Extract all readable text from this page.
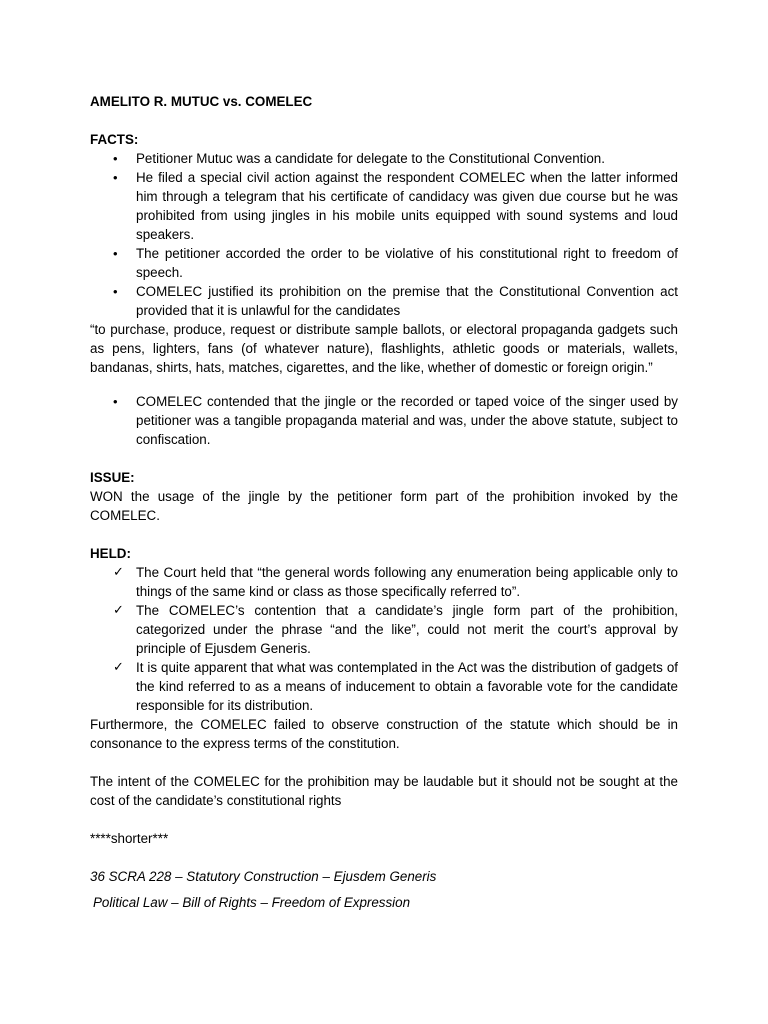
AMELITO R. MUTUC vs. COMELEC

FACTS:

• Petitioner Mutuc was a candidate for delegate to the Constitutional Convention.
• He filed a special civil action against the respondent COMELEC when the latter informed him through a telegram that his certificate of candidacy was given due course but he was prohibited from using jingles in his mobile units equipped with sound systems and loud speakers.
• The petitioner accorded the order to be violative of his constitutional right to freedom of speech.
• COMELEC justified its prohibition on the premise that the Constitutional Convention act provided that it is unlawful for the candidates

“to purchase, produce, request or distribute sample ballots, or electoral propaganda gadgets such as pens, lighters, fans (of whatever nature), flashlights, athletic goods or materials, wallets, bandanas, shirts, hats, matches, cigarettes, and the like, whether of domestic or foreign origin.”

• COMELEC contended that the jingle or the recorded or taped voice of the singer used by petitioner was a tangible propaganda material and was, under the above statute, subject to confiscation.

ISSUE:

WON the usage of the jingle by the petitioner form part of the prohibition invoked by the COMELEC.

HELD:

✓ The Court held that “the general words following any enumeration being applicable only to things of the same kind or class as those specifically referred to”.
✓ The COMELEC’s contention that a candidate’s jingle form part of the prohibition, categorized under the phrase “and the like”, could not merit the court’s approval by principle of Ejusdem Generis.
✓ It is quite apparent that what was contemplated in the Act was the distribution of gadgets of the kind referred to as a means of inducement to obtain a favorable vote for the candidate responsible for its distribution.

Furthermore, the COMELEC failed to observe construction of the statute which should be in consonance to the express terms of the constitution.

The intent of the COMELEC for the prohibition may be laudable but it should not be sought at the cost of the candidate’s constitutional rights

****shorter***

36 SCRA 228 – Statutory Construction – Ejusdem Generis

Political Law – Bill of Rights – Freedom of Expression
